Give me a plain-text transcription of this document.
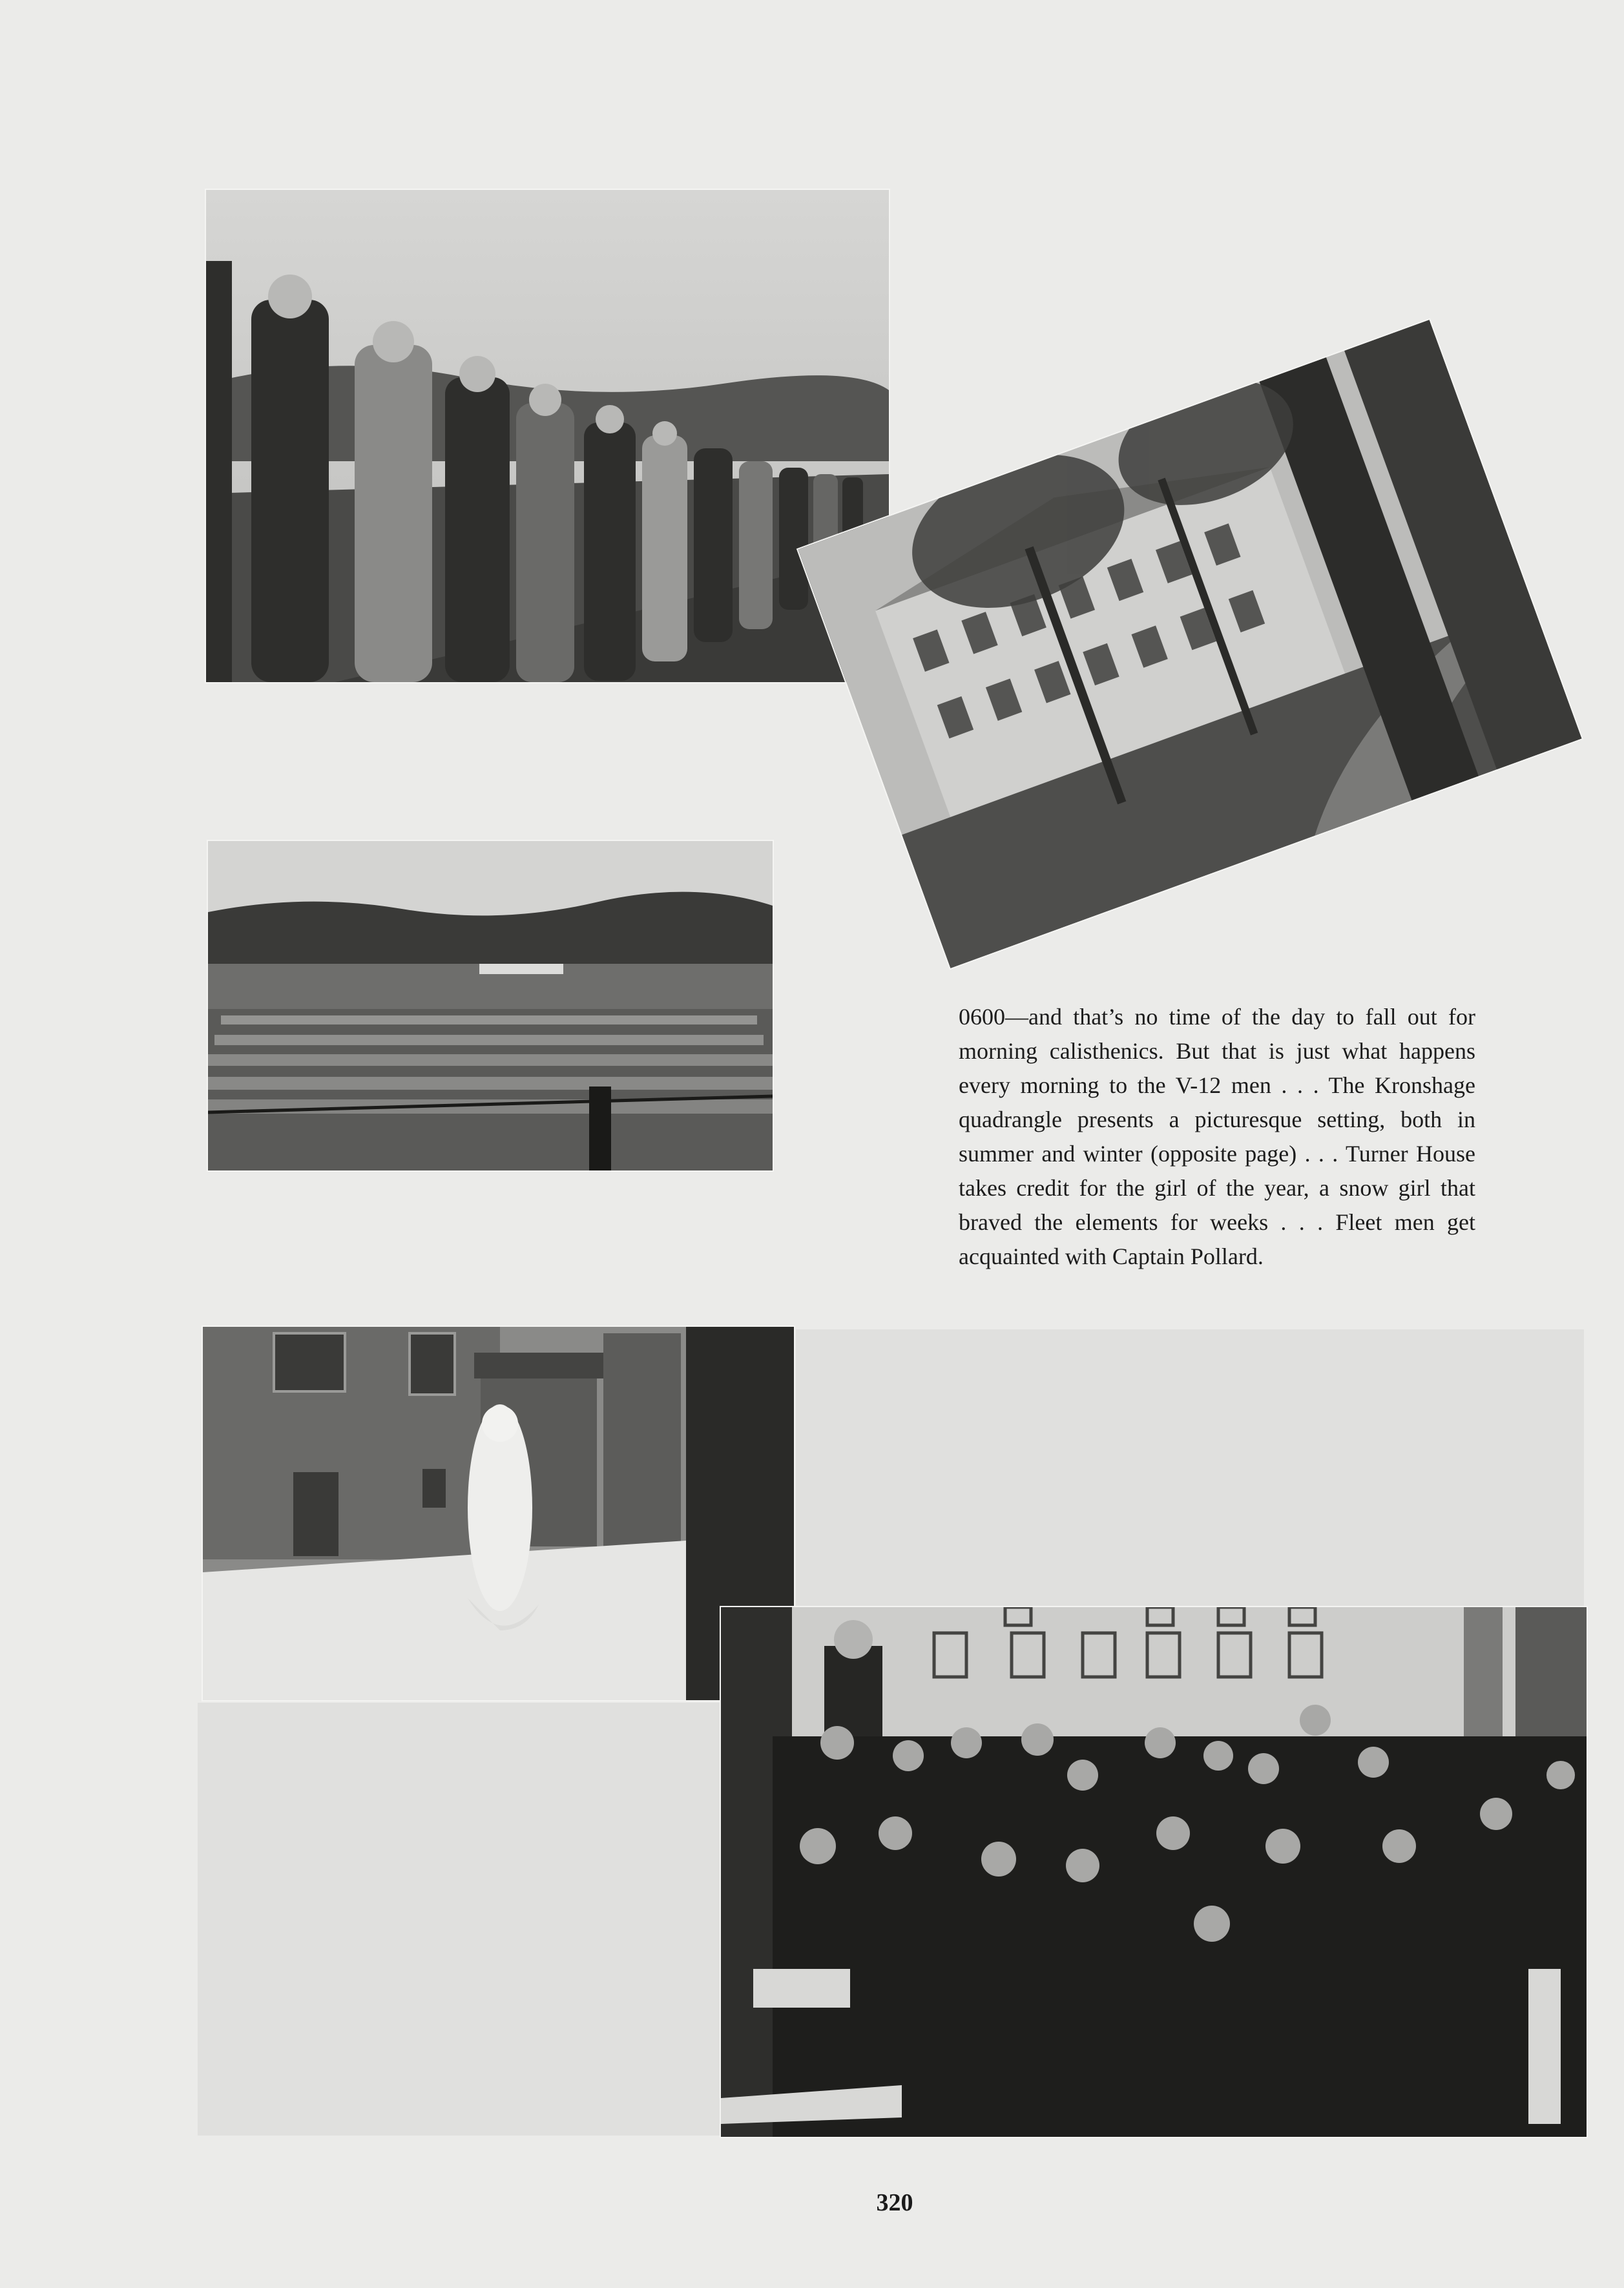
0600—and that’s no time of the day to fall out for morning calisthenics. But that is just what happens every morning to the V-12 men . . . The Kronshage quadrangle presents a picturesque setting, both in summer and winter (opposite page) . . . Turner House takes credit for the girl of the year, a snow girl that braved the elements for weeks . . . Fleet men get acquainted with Captain Pollard.
320
